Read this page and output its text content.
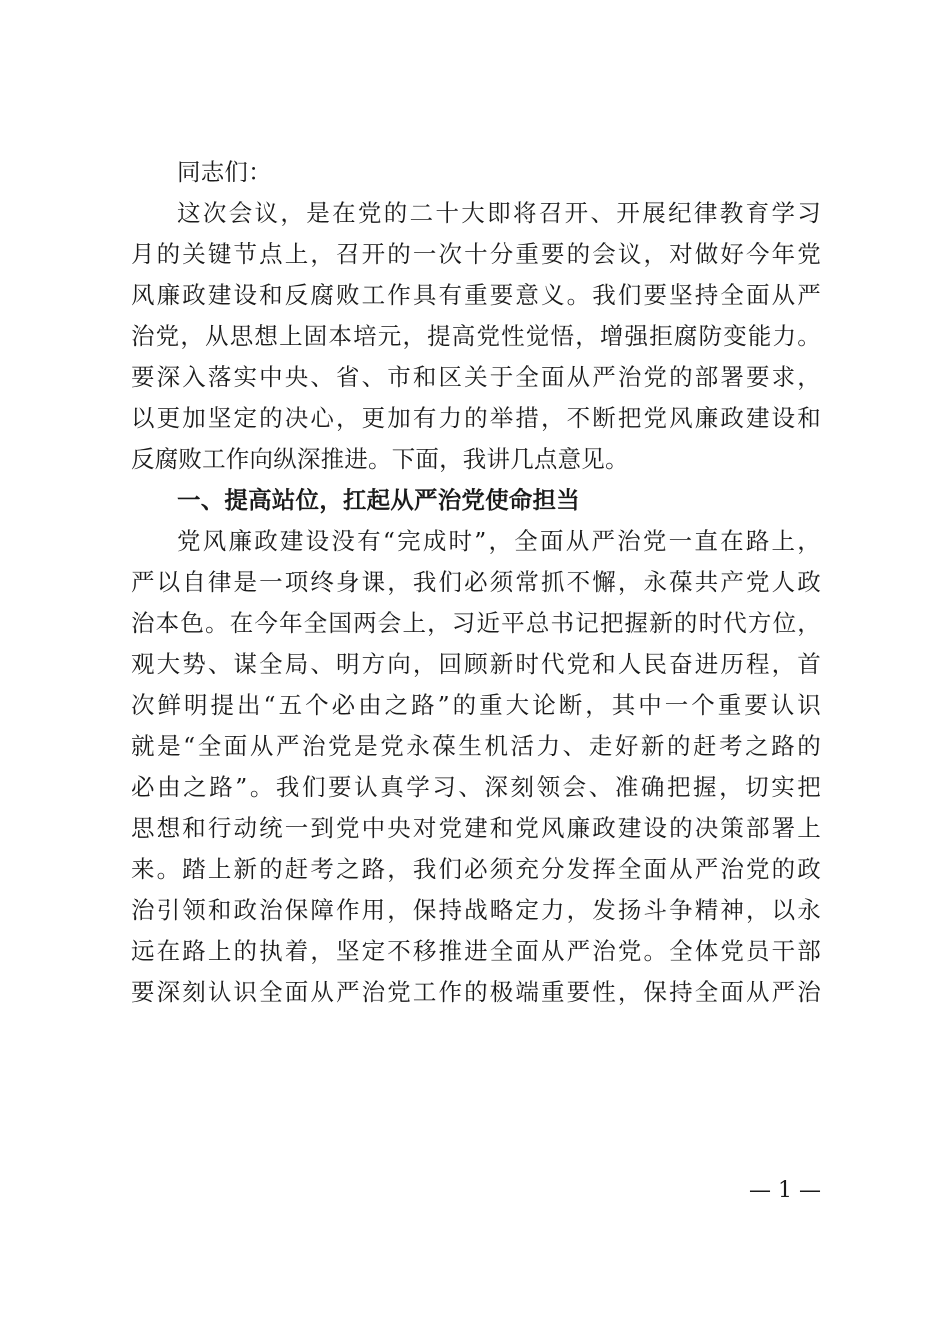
同志们：
这次会议，是在党的二十大即将召开、开展纪律教育学习
月的关键节点上，召开的一次十分重要的会议，对做好今年党
风廉政建设和反腐败工作具有重要意义。我们要坚持全面从严
治党，从思想上固本培元，提高党性觉悟，增强拒腐防变能力。
要深入落实中央、省、市和区关于全面从严治党的部署要求，
以更加坚定的决心，更加有力的举措，不断把党风廉政建设和
反腐败工作向纵深推进。下面，我讲几点意见。
一、提高站位，扛起从严治党使命担当
党风廉政建设没有“完成时”，全面从严治党一直在路上，
严以自律是一项终身课，我们必须常抓不懈，永葆共产党人政
治本色。在今年全国两会上，习近平总书记把握新的时代方位，
观大势、谋全局、明方向，回顾新时代党和人民奋进历程，首
次鲜明提出“五个必由之路”的重大论断，其中一个重要认识
就是“全面从严治党是党永葆生机活力、走好新的赶考之路的
必由之路”。我们要认真学习、深刻领会、准确把握，切实把
思想和行动统一到党中央对党建和党风廉政建设的决策部署上
来。踏上新的赶考之路，我们必须充分发挥全面从严治党的政
治引领和政治保障作用，保持战略定力，发扬斗争精神，以永
远在路上的执着，坚定不移推进全面从严治党。全体党员干部
要深刻认识全面从严治党工作的极端重要性，保持全面从严治
— 1 —
